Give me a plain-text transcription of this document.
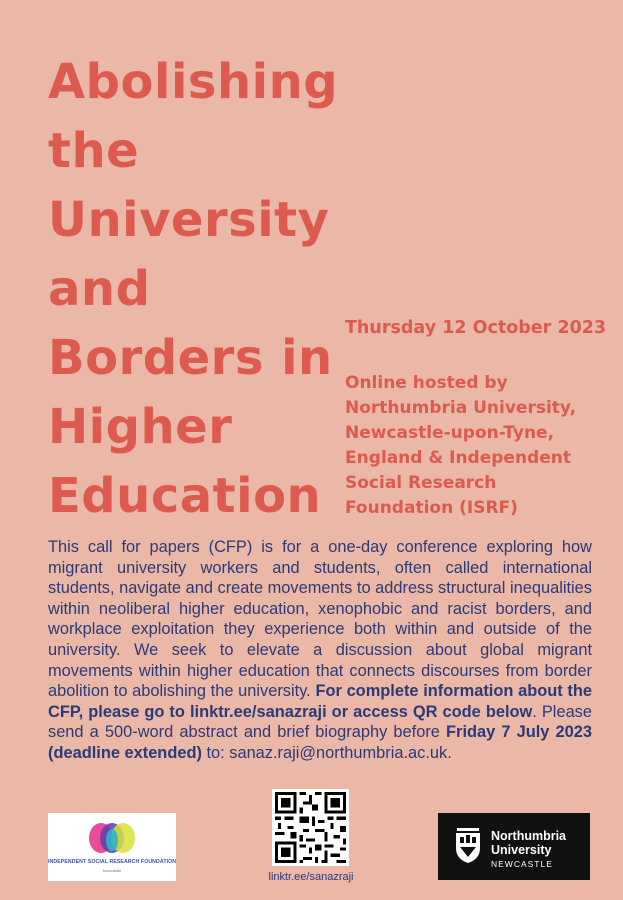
Abolishing
the
University
and
Borders in
Higher
Education
Thursday 12 October 2023
Online hosted by
Northumbria University,
Newcastle-upon-Tyne,
England & Independent
Social Research
Foundation (ISRF)

This call for papers (CFP) is for a one-day conference exploring how migrant university workers and students, often called international students, navigate and create movements to address structural inequalities within neoliberal higher education, xenophobic and racist borders, and workplace exploitation they experience both within and outside of the university. We seek to elevate a discussion about global migrant movements within higher education that connects discourses from border abolition to abolishing the university. For complete information about the CFP, please go to linktr.ee/sanazraji or access QR code below. Please send a 500-word abstract and brief biography before Friday 7 July 2023 (deadline extended) to: sanaz.raji@northumbria.ac.uk.

INDEPENDENT SOCIAL RESEARCH FOUNDATION
Newcastle
linktr.ee/sanazraji
Northumbria
University
NEWCASTLE
